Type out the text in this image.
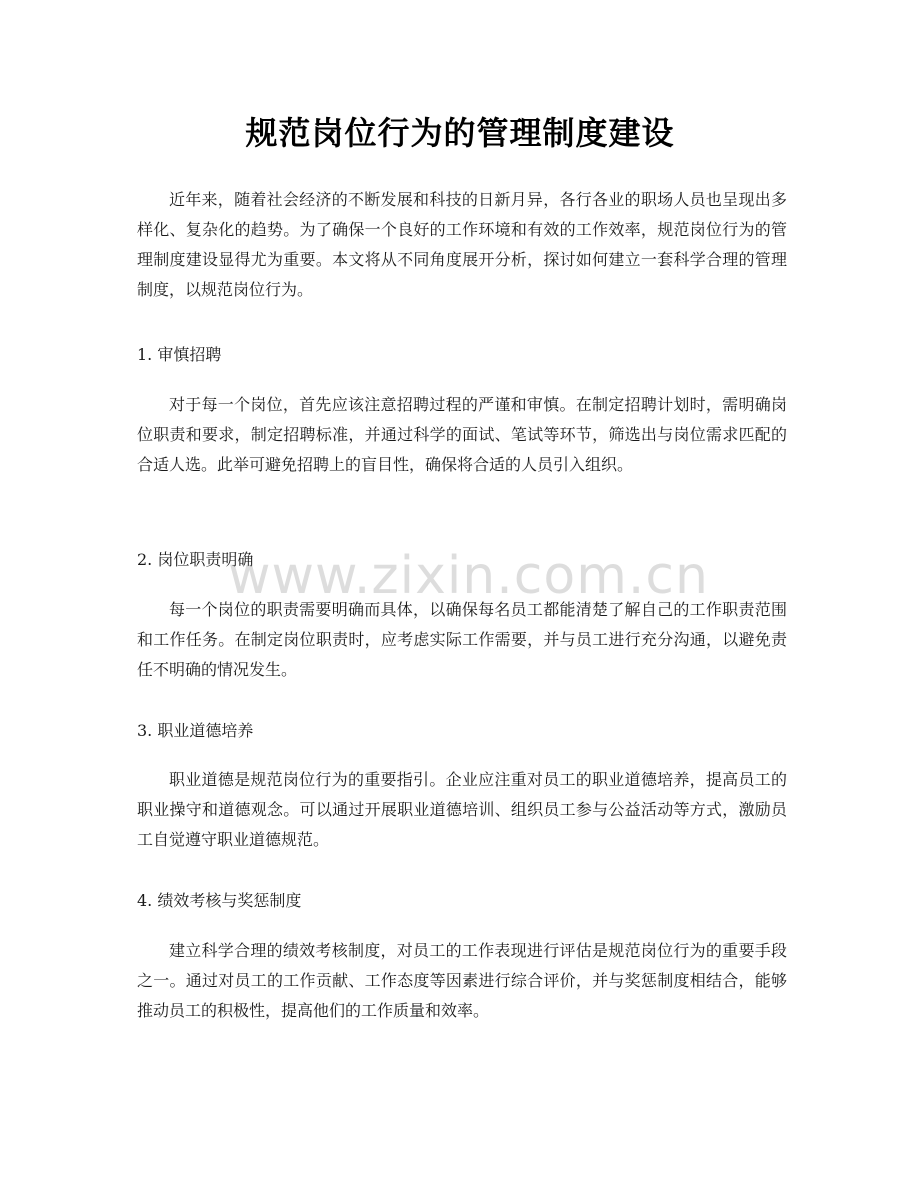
规范岗位行为的管理制度建设

近年来，随着社会经济的不断发展和科技的日新月异，各行各业的职场人员也呈现出多样化、复杂化的趋势。为了确保一个良好的工作环境和有效的工作效率，规范岗位行为的管理制度建设显得尤为重要。本文将从不同角度展开分析，探讨如何建立一套科学合理的管理制度，以规范岗位行为。

1. 审慎招聘

对于每一个岗位，首先应该注意招聘过程的严谨和审慎。在制定招聘计划时，需明确岗位职责和要求，制定招聘标准，并通过科学的面试、笔试等环节，筛选出与岗位需求匹配的合适人选。此举可避免招聘上的盲目性，确保将合适的人员引入组织。

2. 岗位职责明确

每一个岗位的职责需要明确而具体，以确保每名员工都能清楚了解自己的工作职责范围和工作任务。在制定岗位职责时，应考虑实际工作需要，并与员工进行充分沟通，以避免责任不明确的情况发生。

3. 职业道德培养

职业道德是规范岗位行为的重要指引。企业应注重对员工的职业道德培养，提高员工的职业操守和道德观念。可以通过开展职业道德培训、组织员工参与公益活动等方式，激励员工自觉遵守职业道德规范。

4. 绩效考核与奖惩制度

建立科学合理的绩效考核制度，对员工的工作表现进行评估是规范岗位行为的重要手段之一。通过对员工的工作贡献、工作态度等因素进行综合评价，并与奖惩制度相结合，能够推动员工的积极性，提高他们的工作质量和效率。

www.zixin.com.cn
